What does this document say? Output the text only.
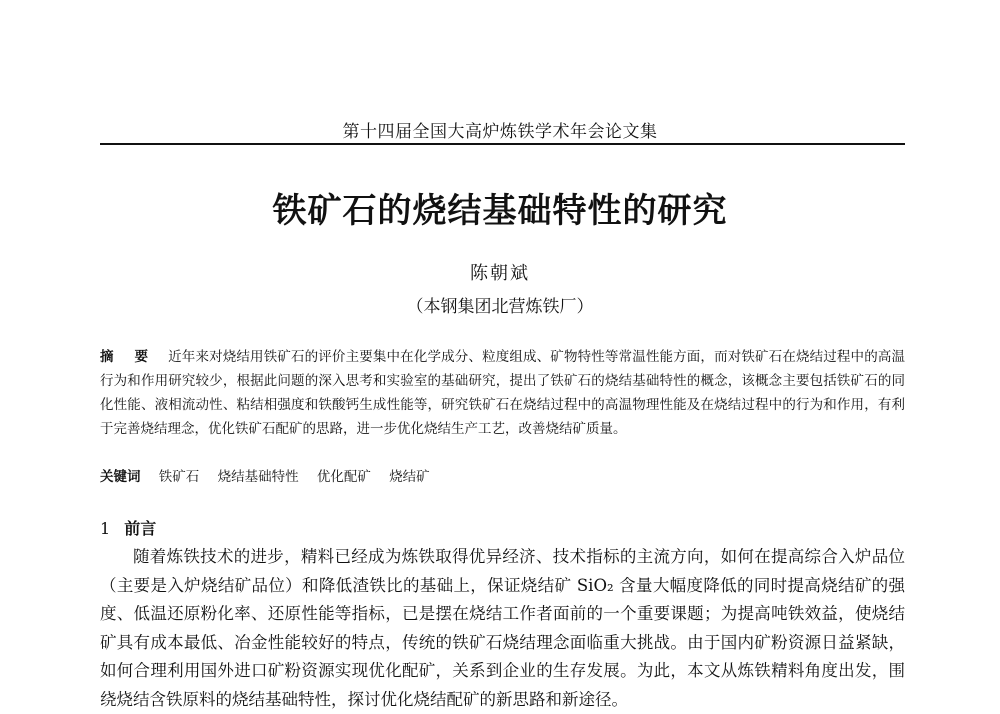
第十四届全国大高炉炼铁学术年会论文集
铁矿石的烧结基础特性的研究
陈朝斌
（本钢集团北营炼铁厂）
摘 要 近年来对烧结用铁矿石的评价主要集中在化学成分、粒度组成、矿物特性等常温性能方面，而对铁矿石在烧结过程中的高温行为和作用研究较少，根据此问题的深入思考和实验室的基础研究，提出了铁矿石的烧结基础特性的概念，该概念主要包括铁矿石的同化性能、液相流动性、粘结相强度和铁酸钙生成性能等，研究铁矿石在烧结过程中的高温物理性能及在烧结过程中的行为和作用，有利于完善烧结理念，优化铁矿石配矿的思路，进一步优化烧结生产工艺，改善烧结矿质量。
关键词 铁矿石 烧结基础特性 优化配矿 烧结矿
1 前言
随着炼铁技术的进步，精料已经成为炼铁取得优异经济、技术指标的主流方向，如何在提高综合入炉品位（主要是入炉烧结矿品位）和降低渣铁比的基础上，保证烧结矿 SiO₂ 含量大幅度降低的同时提高烧结矿的强度、低温还原粉化率、还原性能等指标，已是摆在烧结工作者面前的一个重要课题；为提高吨铁效益，使烧结矿具有成本最低、冶金性能较好的特点，传统的铁矿石烧结理念面临重大挑战。由于国内矿粉资源日益紧缺，如何合理利用国外进口矿粉资源实现优化配矿，关系到企业的生存发展。为此，本文从炼铁精料角度出发，围绕烧结含铁原料的烧结基础特性，探讨优化烧结配矿的新思路和新途径。
